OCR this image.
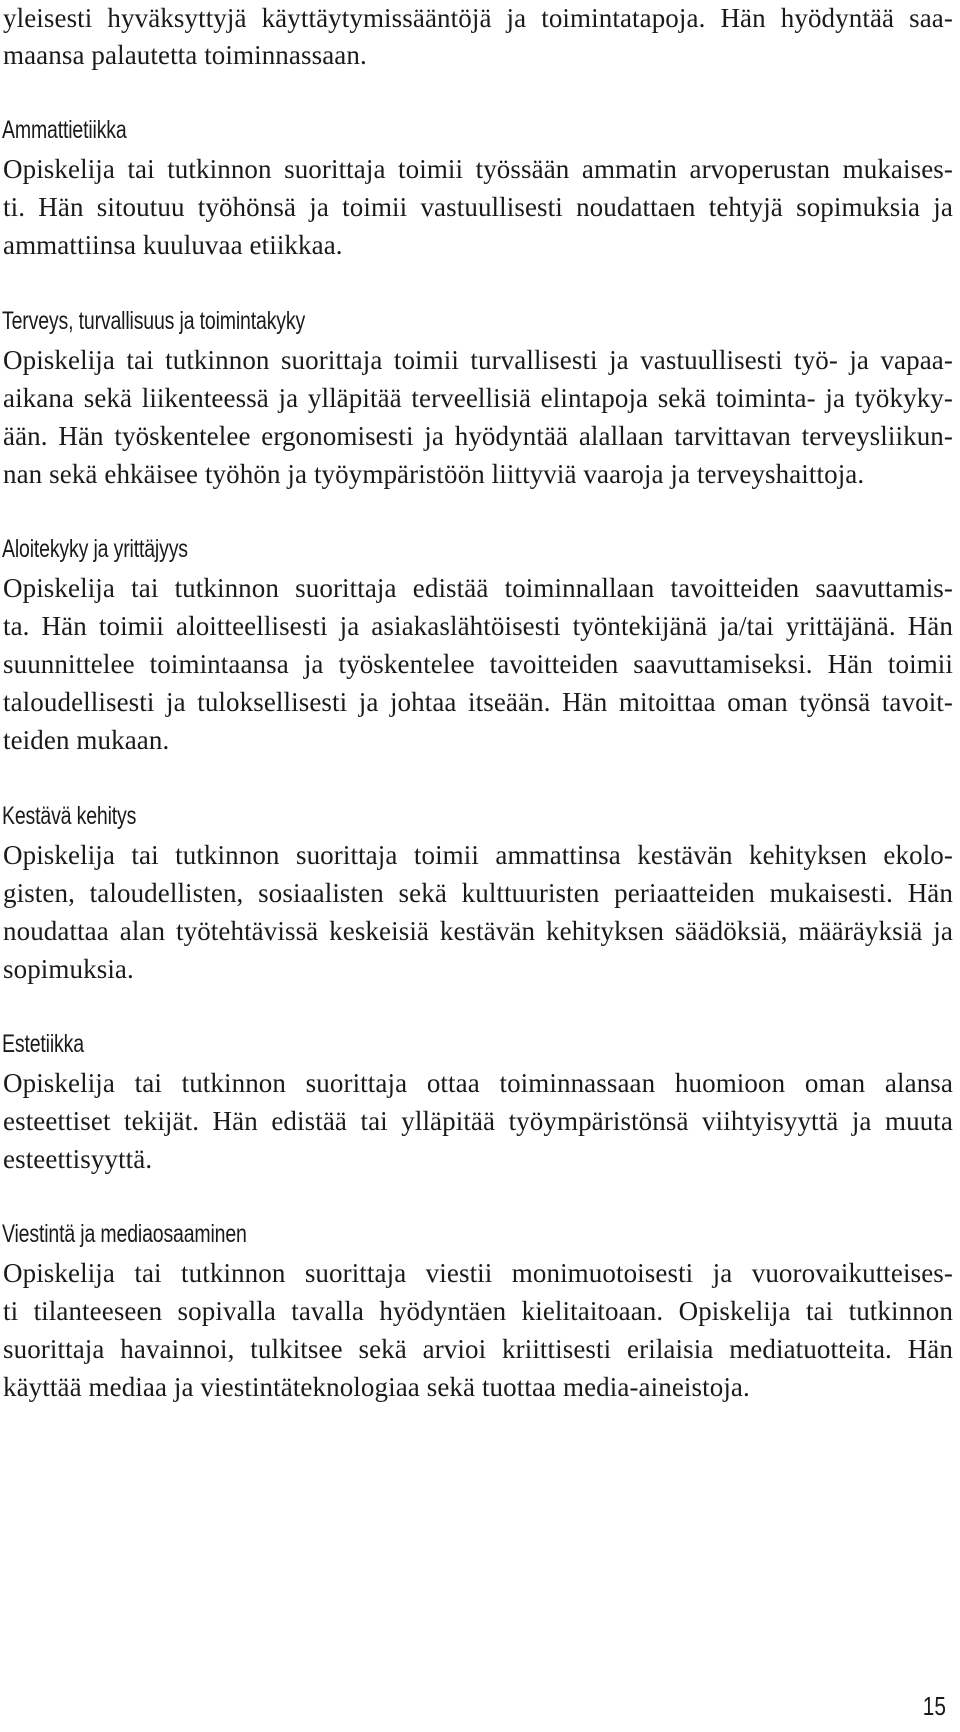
yleisesti hyväksyttyjä käyttäytymissääntöjä ja toimintatapoja. Hän hyödyntää saa-
maansa palautetta toiminnassaan.
Ammattietiikka
Opiskelija tai tutkinnon suorittaja toimii työssään ammatin arvoperustan mukaises-
ti. Hän sitoutuu työhönsä ja toimii vastuullisesti noudattaen tehtyjä sopimuksia ja
ammattiinsa kuuluvaa etiikkaa.
Terveys, turvallisuus ja toimintakyky
Opiskelija tai tutkinnon suorittaja toimii turvallisesti ja vastuullisesti työ- ja vapaa-
aikana sekä liikenteessä ja ylläpitää terveellisiä elintapoja sekä toiminta- ja työkyky-
ään. Hän työskentelee ergonomisesti ja hyödyntää alallaan tarvittavan terveysliikun-
nan sekä ehkäisee työhön ja työympäristöön liittyviä vaaroja ja terveyshaittoja.
Aloitekyky ja yrittäjyys
Opiskelija tai tutkinnon suorittaja edistää toiminnallaan tavoitteiden saavuttamis-
ta. Hän toimii aloitteellisesti ja asiakaslähtöisesti työntekijänä ja/tai yrittäjänä. Hän
suunnittelee toimintaansa ja työskentelee tavoitteiden saavuttamiseksi. Hän toimii
taloudellisesti ja tuloksellisesti ja johtaa itseään. Hän mitoittaa oman työnsä tavoit-
teiden mukaan.
Kestävä kehitys
Opiskelija tai tutkinnon suorittaja toimii ammattinsa kestävän kehityksen ekolo-
gisten, taloudellisten, sosiaalisten sekä kulttuuristen periaatteiden mukaisesti. Hän
noudattaa alan työtehtävissä keskeisiä kestävän kehityksen säädöksiä, määräyksiä ja
sopimuksia.
Estetiikka
Opiskelija tai tutkinnon suorittaja ottaa toiminnassaan huomioon oman alansa
esteettiset tekijät. Hän edistää tai ylläpitää työympäristönsä viihtyisyyttä ja muuta
esteettisyyttä.
Viestintä ja mediaosaaminen
Opiskelija tai tutkinnon suorittaja viestii monimuotoisesti ja vuorovaikutteises-
ti tilanteeseen sopivalla tavalla hyödyntäen kielitaitoaan. Opiskelija tai tutkinnon
suorittaja havainnoi, tulkitsee sekä arvioi kriittisesti erilaisia mediatuotteita. Hän
käyttää mediaa ja viestintäteknologiaa sekä tuottaa media-aineistoja.
15
